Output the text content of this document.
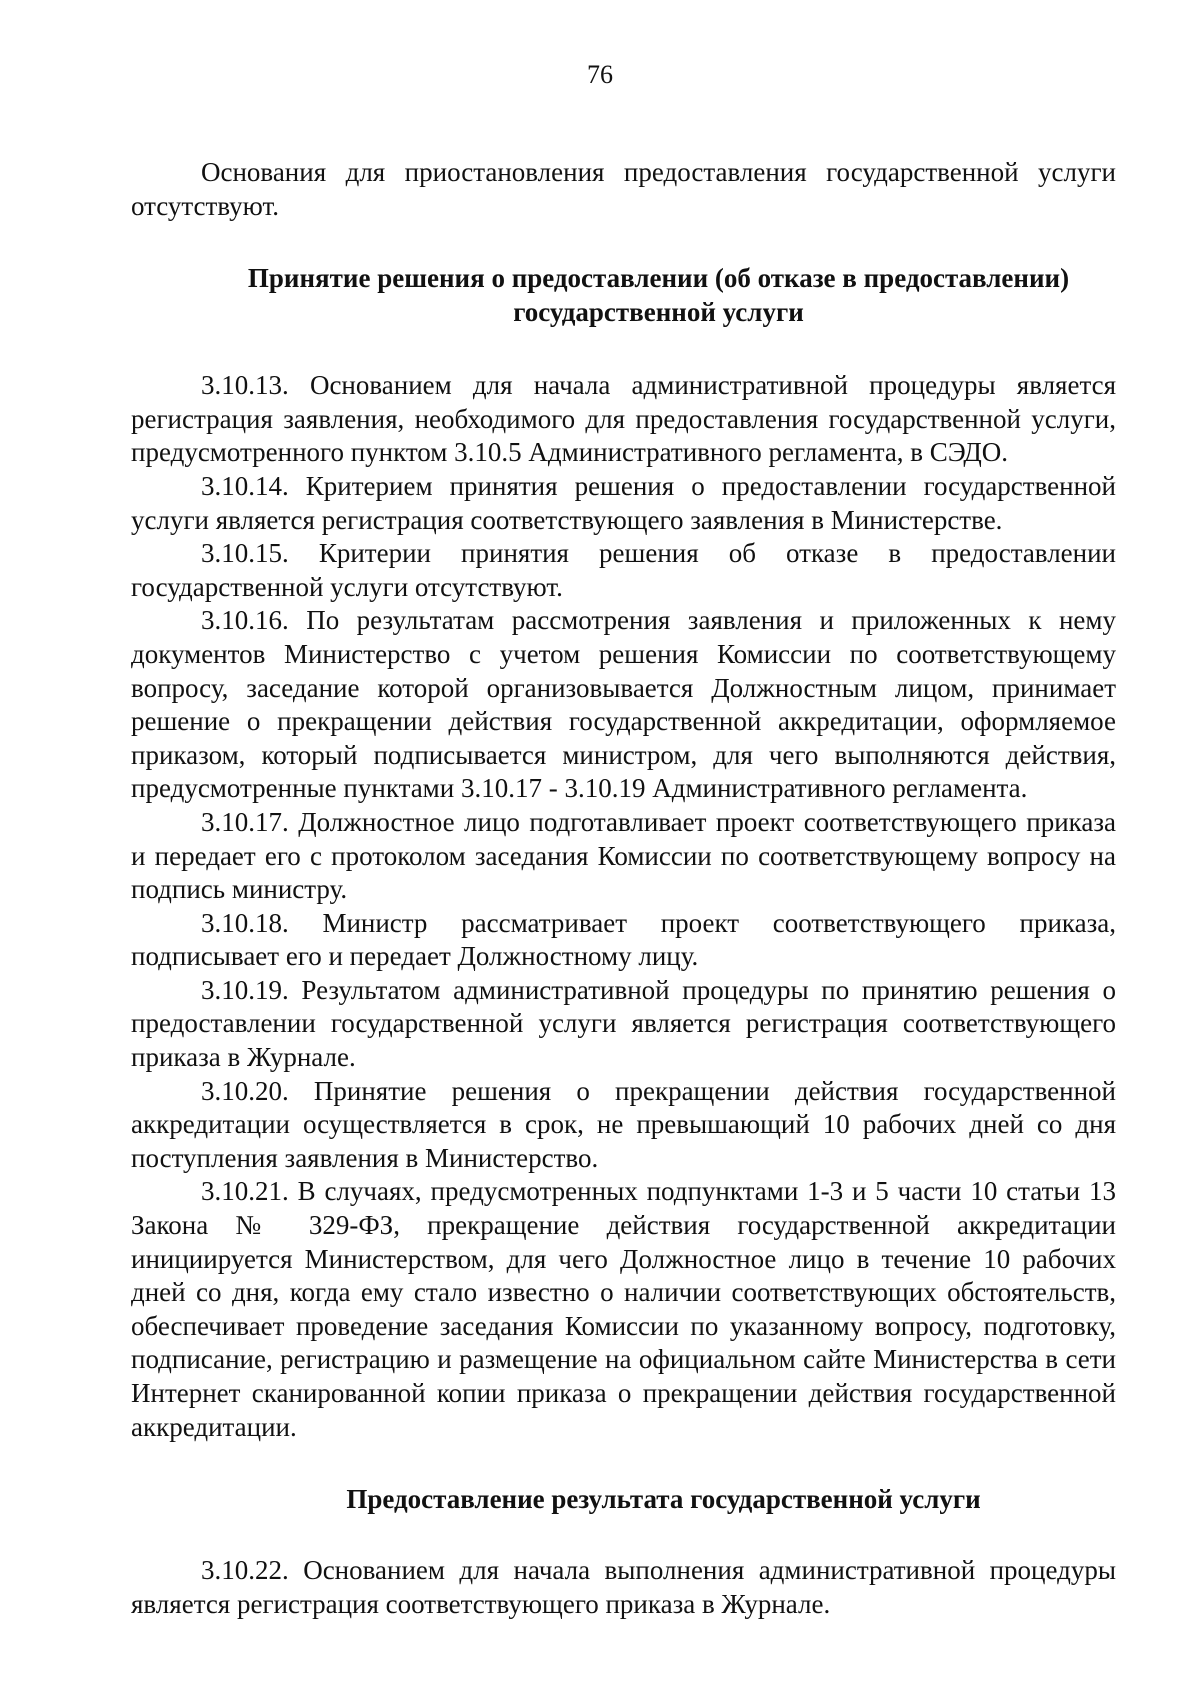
76

Основания для приостановления предоставления государственной услуги отсутствуют.

Принятие решения о предоставлении (об отказе в предоставлении) государственной услуги

3.10.13. Основанием для начала административной процедуры является регистрация заявления, необходимого для предоставления государственной услуги, предусмотренного пунктом 3.10.5 Административного регламента, в СЭДО.

3.10.14. Критерием принятия решения о предоставлении государственной услуги является регистрация соответствующего заявления в Министерстве.

3.10.15. Критерии принятия решения об отказе в предоставлении государственной услуги отсутствуют.

3.10.16. По результатам рассмотрения заявления и приложенных к нему документов Министерство с учетом решения Комиссии по соответствующему вопросу, заседание которой организовывается Должностным лицом, принимает решение о прекращении действия государственной аккредитации, оформляемое приказом, который подписывается министром, для чего выполняются действия, предусмотренные пунктами 3.10.17 - 3.10.19 Административного регламента.

3.10.17. Должностное лицо подготавливает проект соответствующего приказа и передает его с протоколом заседания Комиссии по соответствующему вопросу на подпись министру.

3.10.18. Министр рассматривает проект соответствующего приказа, подписывает его и передает Должностному лицу.

3.10.19. Результатом административной процедуры по принятию решения о предоставлении государственной услуги является регистрация соответствующего приказа в Журнале.

3.10.20. Принятие решения о прекращении действия государственной аккредитации осуществляется в срок, не превышающий 10 рабочих дней со дня поступления заявления в Министерство.

3.10.21. В случаях, предусмотренных подпунктами 1-3 и 5 части 10 статьи 13 Закона № 329-ФЗ, прекращение действия государственной аккредитации инициируется Министерством, для чего Должностное лицо в течение 10 рабочих дней со дня, когда ему стало известно о наличии соответствующих обстоятельств, обеспечивает проведение заседания Комиссии по указанному вопросу, подготовку, подписание, регистрацию и размещение на официальном сайте Министерства в сети Интернет сканированной копии приказа о прекращении действия государственной аккредитации.

Предоставление результата государственной услуги

3.10.22. Основанием для начала выполнения административной процедуры является регистрация соответствующего приказа в Журнале.
